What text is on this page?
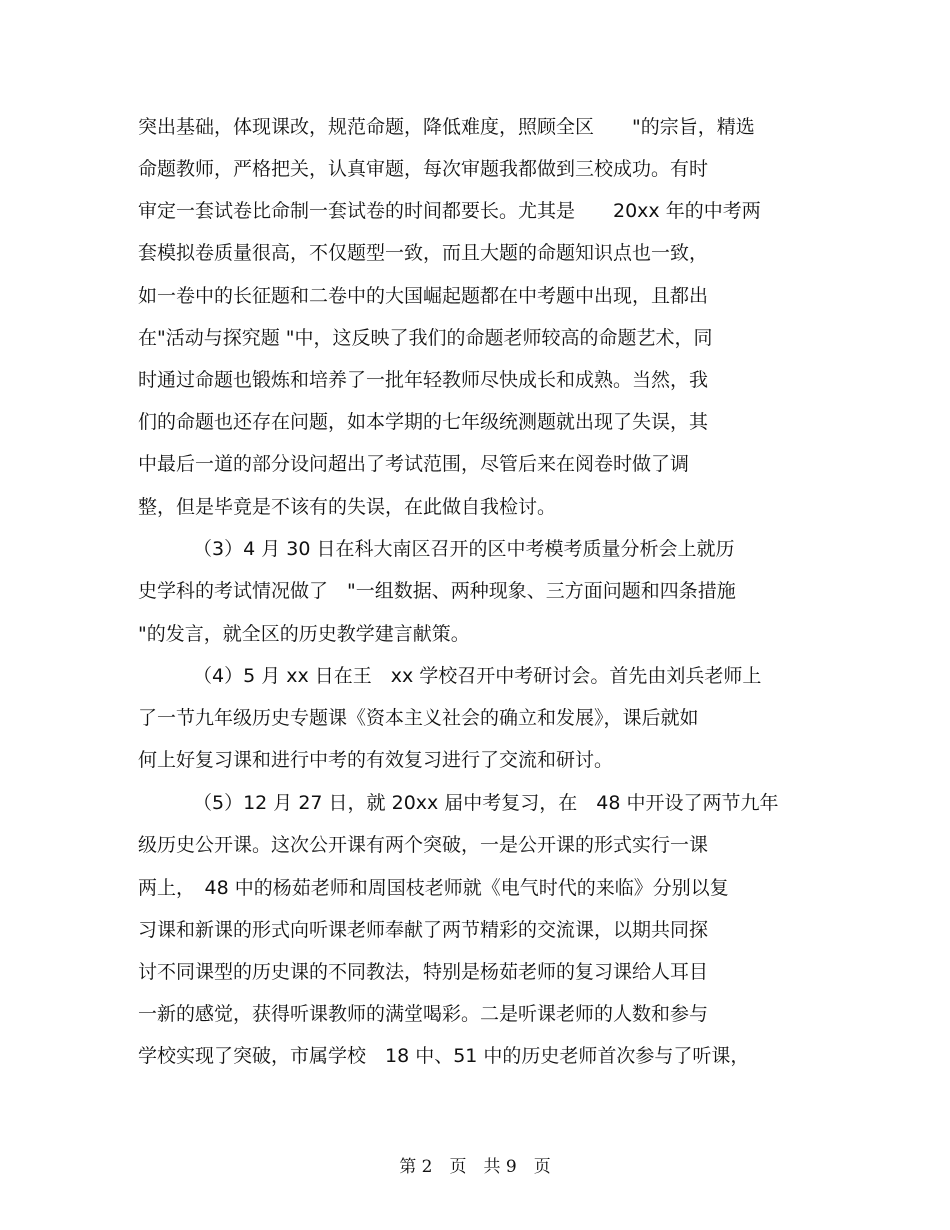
突出基础，体现课改，规范命题，降低难度，照顾全区　　"的宗旨，精选
命题教师，严格把关，认真审题，每次审题我都做到三校成功。有时
审定一套试卷比命制一套试卷的时间都要长。尤其是　　20xx 年的中考两
套模拟卷质量很高，不仅题型一致，而且大题的命题知识点也一致，
如一卷中的长征题和二卷中的大国崛起题都在中考题中出现，且都出
在"活动与探究题 "中，这反映了我们的命题老师较高的命题艺术，同
时通过命题也锻炼和培养了一批年轻教师尽快成长和成熟。当然，我
们的命题也还存在问题，如本学期的七年级统测题就出现了失误，其
中最后一道的部分设问超出了考试范围，尽管后来在阅卷时做了调
整，但是毕竟是不该有的失误，在此做自我检讨。
（3）4 月 30 日在科大南区召开的区中考模考质量分析会上就历
史学科的考试情况做了　"一组数据、两种现象、三方面问题和四条措施
"的发言，就全区的历史教学建言献策。
（4）5 月 xx 日在王　xx 学校召开中考研讨会。首先由刘兵老师上
了一节九年级历史专题课《资本主义社会的确立和发展》，课后就如
何上好复习课和进行中考的有效复习进行了交流和研讨。
（5）12 月 27 日，就 20xx 届中考复习，在　48 中开设了两节九年
级历史公开课。这次公开课有两个突破，一是公开课的形式实行一课
两上，　48 中的杨茹老师和周国枝老师就《电气时代的来临》分别以复
习课和新课的形式向听课老师奉献了两节精彩的交流课，以期共同探
讨不同课型的历史课的不同教法，特别是杨茹老师的复习课给人耳目
一新的感觉，获得听课教师的满堂喝彩。二是听课老师的人数和参与
学校实现了突破，市属学校　18 中、51 中的历史老师首次参与了听课，
第 2　页　共 9　页
